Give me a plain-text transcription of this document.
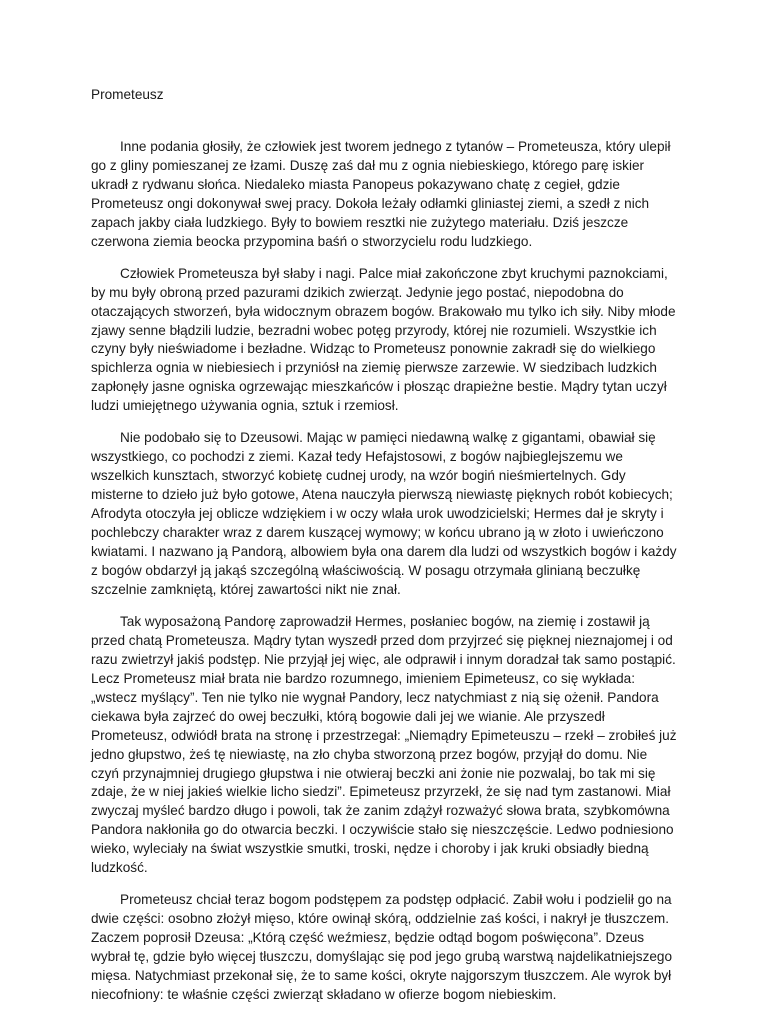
Prometeusz

Inne podania głosiły, że człowiek jest tworem jednego z tytanów – Prometeusza, który ulepił go z gliny pomieszanej ze łzami. Duszę zaś dał mu z ognia niebieskiego, którego parę iskier ukradł z rydwanu słońca. Niedaleko miasta Panopeus pokazywano chatę z cegieł, gdzie Prometeusz ongi dokonywał swej pracy. Dokoła leżały odłamki gliniastej ziemi, a szedł z nich zapach jakby ciała ludzkiego. Były to bowiem resztki nie zużytego materiału. Dziś jeszcze czerwona ziemia beocka przypomina baśń o stworzycielu rodu ludzkiego.

Człowiek Prometeusza był słaby i nagi. Palce miał zakończone zbyt kruchymi paznokciami, by mu były obroną przed pazurami dzikich zwierząt. Jedynie jego postać, niepodobna do otaczających stworzeń, była widocznym obrazem bogów. Brakowało mu tylko ich siły. Niby młode zjawy senne błądzili ludzie, bezradni wobec potęg przyrody, której nie rozumieli. Wszystkie ich czyny były nieświadome i bezładne. Widząc to Prometeusz ponownie zakradł się do wielkiego spichlerza ognia w niebiesiech i przyniósł na ziemię pierwsze zarzewie. W siedzibach ludzkich zapłonęły jasne ogniska ogrzewając mieszkańców i płosząc drapieżne bestie. Mądry tytan uczył ludzi umiejętnego używania ognia, sztuk i rzemiosł.

Nie podobało się to Dzeusowi. Mając w pamięci niedawną walkę z gigantami, obawiał się wszystkiego, co pochodzi z ziemi. Kazał tedy Hefajstosowi, z bogów najbieglejszemu we wszelkich kunsztach, stworzyć kobietę cudnej urody, na wzór bogiń nieśmiertelnych. Gdy misterne to dzieło już było gotowe, Atena nauczyła pierwszą niewiastę pięknych robót kobiecych; Afrodyta otoczyła jej oblicze wdziękiem i w oczy wlała urok uwodzicielski; Hermes dał je skryty i pochlebczy charakter wraz z darem kuszącej wymowy; w końcu ubrano ją w złoto i uwieńczono kwiatami. I nazwano ją Pandorą, albowiem była ona darem dla ludzi od wszystkich bogów i każdy z bogów obdarzył ją jakąś szczególną właściwością. W posagu otrzymała glinianą beczułkę szczelnie zamkniętą, której zawartości nikt nie znał.

Tak wyposażoną Pandorę zaprowadził Hermes, posłaniec bogów, na ziemię i zostawił ją przed chatą Prometeusza. Mądry tytan wyszedł przed dom przyjrzeć się pięknej nieznajomej i od razu zwietrzył jakiś podstęp. Nie przyjął jej więc, ale odprawił i innym doradzał tak samo postąpić. Lecz Prometeusz miał brata nie bardzo rozumnego, imieniem Epimeteusz, co się wykłada: „wstecz myślący”. Ten nie tylko nie wygnał Pandory, lecz natychmiast z nią się ożenił. Pandora ciekawa była zajrzeć do owej beczułki, którą bogowie dali jej we wianie. Ale przyszedł Prometeusz, odwiódł brata na stronę i przestrzegał: „Niemądry Epimeteuszu – rzekł – zrobiłeś już jedno głupstwo, żeś tę niewiastę, na zło chyba stworzoną przez bogów, przyjął do domu. Nie czyń przynajmniej drugiego głupstwa i nie otwieraj beczki ani żonie nie pozwalaj, bo tak mi się zdaje, że w niej jakieś wielkie licho siedzi”. Epimeteusz przyrzekł, że się nad tym zastanowi. Miał zwyczaj myśleć bardzo długo i powoli, tak że zanim zdążył rozważyć słowa brata, szybkomówna Pandora nakłoniła go do otwarcia beczki. I oczywiście stało się nieszczęście. Ledwo podniesiono wieko, wyleciały na świat wszystkie smutki, troski, nędze i choroby i jak kruki obsiadły biedną ludzkość.

Prometeusz chciał teraz bogom podstępem za podstęp odpłacić. Zabił wołu i podzielił go na dwie części: osobno złożył mięso, które owinął skórą, oddzielnie zaś kości, i nakrył je tłuszczem. Zaczem poprosił Dzeusa: „Którą część weźmiesz, będzie odtąd bogom poświęcona”. Dzeus wybrał tę, gdzie było więcej tłuszczu, domyślając się pod jego grubą warstwą najdelikatniejszego mięsa. Natychmiast przekonał się, że to same kości, okryte najgorszym tłuszczem. Ale wyrok był niecofniony: te właśnie części zwierząt składano w ofierze bogom niebieskim.
